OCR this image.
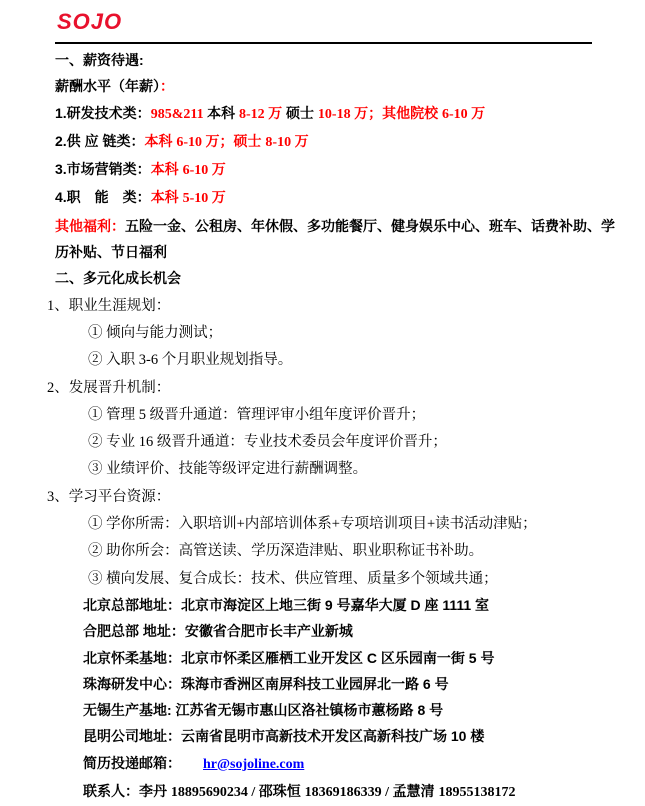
SOJO

一、薪资待遇:

薪酬水平（年薪）：

1.研发技术类：985&211 本科 8-12 万 硕士 10-18 万；其他院校 6-10 万

2.供 应 链类：本科 6-10 万；硕士 8-10 万

3.市场营销类：本科 6-10 万

4.职　能　类：本科 5-10 万

其他福利：五险一金、公租房、年休假、多功能餐厅、健身娱乐中心、班车、话费补助、学

历补贴、节日福利

二、多元化成长机会

1、职业生涯规划：

① 倾向与能力测试；

② 入职 3-6 个月职业规划指导。

2、发展晋升机制：

① 管理 5 级晋升通道：管理评审小组年度评价晋升；

② 专业 16 级晋升通道：专业技术委员会年度评价晋升；

③ 业绩评价、技能等级评定进行薪酬调整。

3、学习平台资源：

① 学你所需：入职培训+内部培训体系+专项培训项目+读书活动津贴；

② 助你所会：高管送读、学历深造津贴、职业职称证书补助。

③ 横向发展、复合成长：技术、供应管理、质量多个领域共通；

北京总部地址：北京市海淀区上地三街 9 号嘉华大厦 D 座 1111 室

合肥总部 地址：安徽省合肥市长丰产业新城

北京怀柔基地：北京市怀柔区雁栖工业开发区 C 区乐园南一街 5 号

珠海研发中心：珠海市香洲区南屏科技工业园屏北一路 6 号

无锡生产基地: 江苏省无锡市惠山区洛社镇杨市蕙杨路 8 号

昆明公司地址：云南省昆明市高新技术开发区高新科技广场 10 楼

简历投递邮箱： hr@sojoline.com

联系人：李丹 18895690234 / 邵珠恒 18369186339 / 孟慧清 18955138172
